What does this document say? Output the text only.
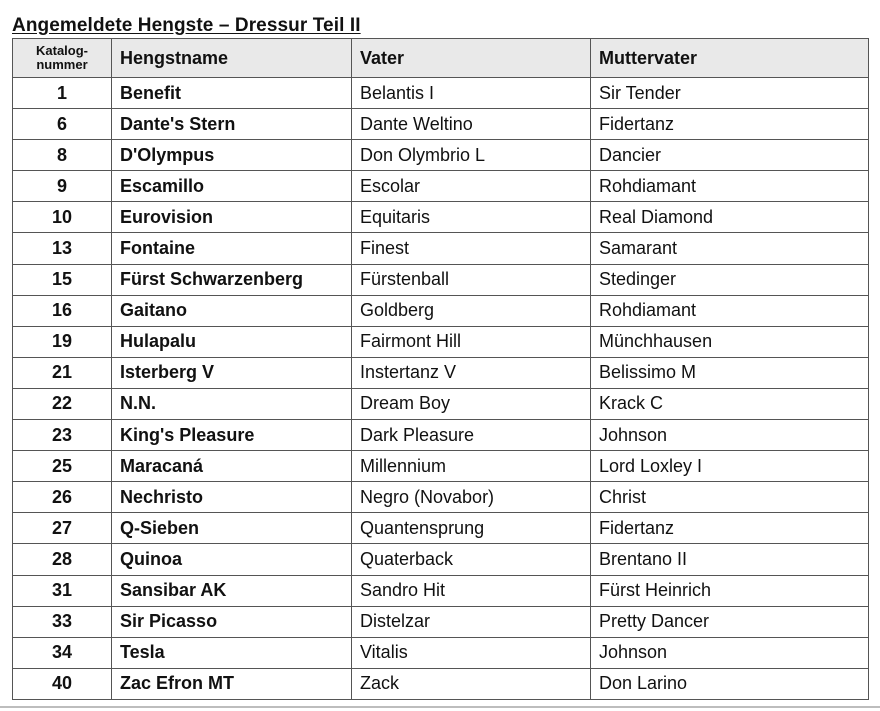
Angemeldete Hengste – Dressur Teil II
Katalog-
nummer	Hengstname	Vater	Muttervater
1	Benefit	Belantis I	Sir Tender
6	Dante's Stern	Dante Weltino	Fidertanz
8	D'Olympus	Don Olymbrio L	Dancier
9	Escamillo	Escolar	Rohdiamant
10	Eurovision	Equitaris	Real Diamond
13	Fontaine	Finest	Samarant
15	Fürst Schwarzenberg	Fürstenball	Stedinger
16	Gaitano	Goldberg	Rohdiamant
19	Hulapalu	Fairmont Hill	Münchhausen
21	Isterberg V	Instertanz V	Belissimo M
22	N.N.	Dream Boy	Krack C
23	King's Pleasure	Dark Pleasure	Johnson
25	Maracaná	Millennium	Lord Loxley I
26	Nechristo	Negro (Novabor)	Christ
27	Q-Sieben	Quantensprung	Fidertanz
28	Quinoa	Quaterback	Brentano II
31	Sansibar AK	Sandro Hit	Fürst Heinrich
33	Sir Picasso	Distelzar	Pretty Dancer
34	Tesla	Vitalis	Johnson
40	Zac Efron MT	Zack	Don Larino
